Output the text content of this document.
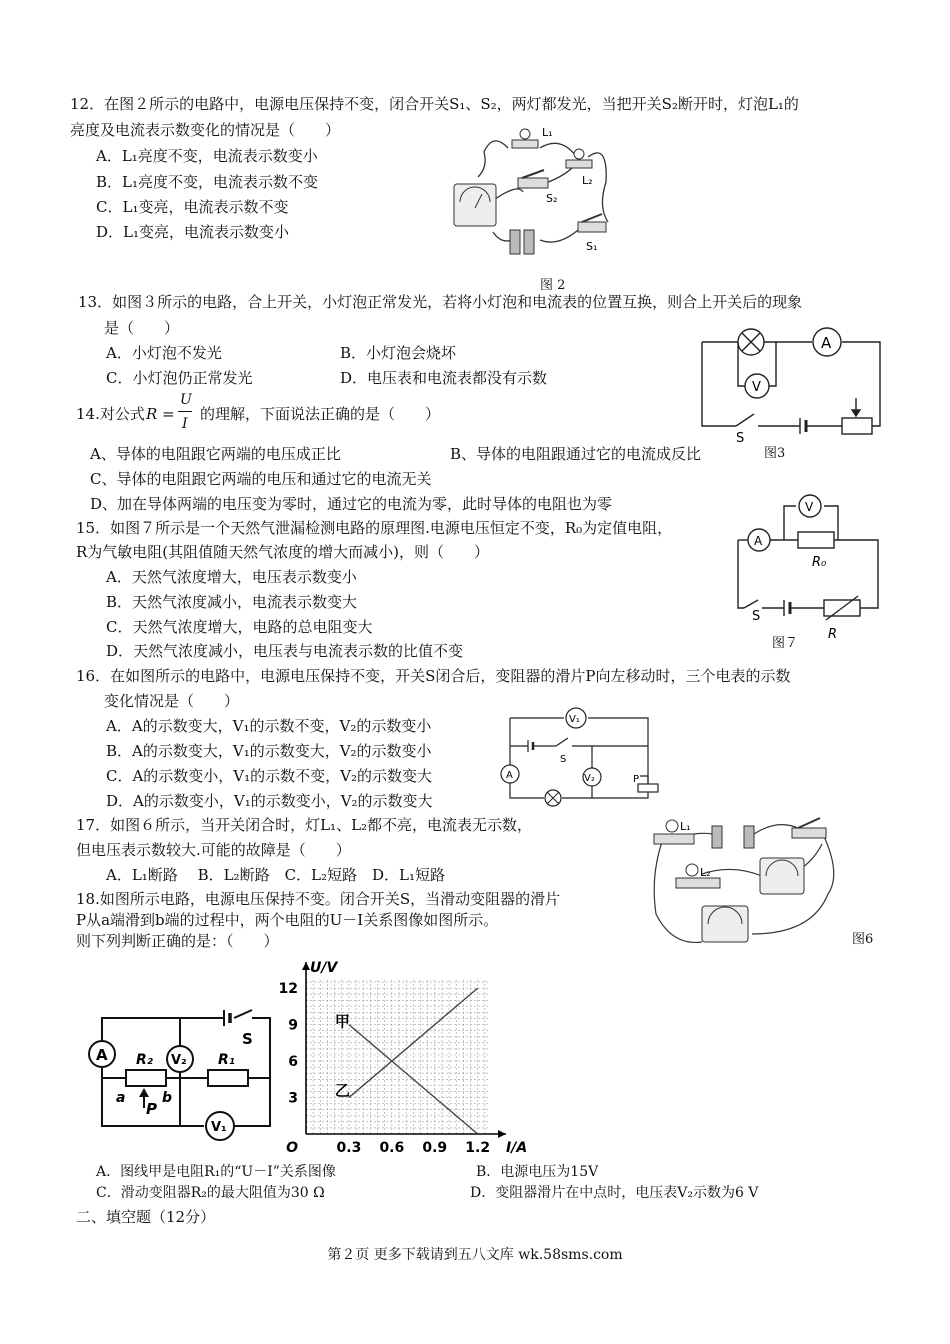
12．在图２所示的电路中，电源电压保持不变，闭合开关S₁、S₂，两灯都发光，当把开关S₂断开时，灯泡L₁的
亮度及电流表示数变化的情况是（　　）
A．L₁亮度不变，电流表示数变小
B．L₁亮度不变，电流表示数不变
C．L₁变亮，电流表示数不变
D．L₁变亮，电流表示数变小
L₁
L₂
S₂
S₁
图 2
13．如图３所示的电路，合上开关，小灯泡正常发光，若将小灯泡和电流表的位置互换，则合上开关后的现象
是（　　）
A．小灯泡不发光	B．小灯泡会烧坏
C．小灯泡仍正常发光	D．电压表和电流表都没有示数
A
V
S
图3
14.对公式 R =
U
I
的理解，下面说法正确的是（　　）
A、导体的电阻跟它两端的电压成正比	B、导体的电阻跟通过它的电流成反比
C、导体的电阻跟它两端的电压和通过它的电流无关
D、加在导体两端的电压变为零时，通过它的电流为零，此时导体的电阻也为零
15．如图７所示是一个天然气泄漏检测电路的原理图.电源电压恒定不变，R₀为定值电阻，
R为气敏电阻(其阻值随天然气浓度的增大而减小)，则（　　）
A．天然气浓度增大，电压表示数变小
B．天然气浓度减小，电流表示数变大
C．天然气浓度增大，电路的总电阻变大
D．天然气浓度减小，电压表与电流表示数的比值不变
V
A
R₀
S
R
图７
16．在如图所示的电路中，电源电压保持不变，开关S闭合后，变阻器的滑片P向左移动时，三个电表的示数
变化情况是（　　）
A．A的示数变大，V₁的示数不变，V₂的示数变小
B．A的示数变大，V₁的示数变大，V₂的示数变小
C．A的示数变小，V₁的示数不变，V₂的示数变大
D．A的示数变小，V₁的示数变小，V₂的示数变大
V₁
S
A	V₂	P
17．如图６所示，当开关闭合时，灯L₁、L₂都不亮，电流表无示数，
但电压表示数较大.可能的故障是（　　）
A．L₁断路　 B．L₂断路　C．L₂短路　D．L₁短路
L₁
L₂
图6
18.如图所示电路，电源电压保持不变。闭合开关S，当滑动变阻器的滑片
P从a端滑到b端的过程中，两个电阻的U－I关系图像如图所示。
则下列判断正确的是：（　　）
A	V₂
S
R₂	R₁
a
P
b
V₁
0.3 0.6 0.9 1.2
3
6
9
12
O	I/A
U/V
甲
乙
A．图线甲是电阻R₁的“U－I”关系图像	B．电源电压为15V
C．滑动变阻器R₂的最大阻值为30 Ω	D．变阻器滑片在中点时，电压表V₂示数为6 V
二、填空题（12分）
第２页 更多下载请到五八文库 wk.58sms.com
